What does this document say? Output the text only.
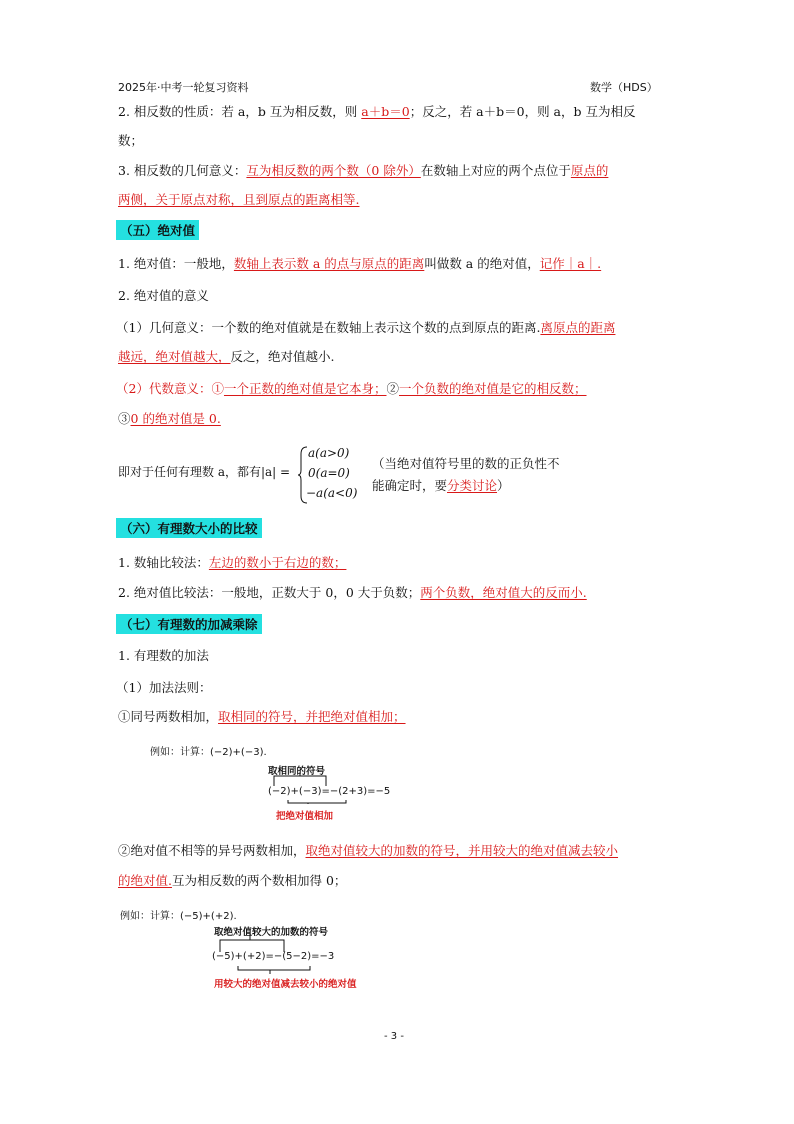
2025年·中考一轮复习资料	数学（HDS）
2. 相反数的性质：若 a，b 互为相反数，则 a＋b＝0；反之，若 a＋b＝0，则 a，b 互为相反
数；
3. 相反数的几何意义：互为相反数的两个数（0 除外）在数轴上对应的两个点位于原点的
两侧，关于原点对称，且到原点的距离相等.
（五）绝对值
1. 绝对值：一般地，数轴上表示数 a 的点与原点的距离叫做数 a 的绝对值，记作｜a｜.
2. 绝对值的意义
（1）几何意义：一个数的绝对值就是在数轴上表示这个数的点到原点的距离.离原点的距离
越远，绝对值越大，反之，绝对值越小.
（2）代数意义：①一个正数的绝对值是它本身；②一个负数的绝对值是它的相反数；
③0 的绝对值是 0.
即对于任何有理数 a，都有|a| =
a(a>0)
0(a=0)
−a(a<0)
（当绝对值符号里的数的正负性不
能确定时，要分类讨论）
（六）有理数大小的比较
1. 数轴比较法：左边的数小于右边的数；
2. 绝对值比较法：一般地，正数大于 0，0 大于负数；两个负数，绝对值大的反而小.
（七）有理数的加减乘除
1. 有理数的加法
（1）加法法则：
①同号两数相加，取相同的符号，并把绝对值相加；
例如：计算：(−2)+(−3).
取相同的符号
(−2)+(−3)=−(2+3)=−5
把绝对值相加
②绝对值不相等的异号两数相加，取绝对值较大的加数的符号，并用较大的绝对值减去较小
的绝对值.互为相反数的两个数相加得 0；
例如：计算：(−5)+(+2).
取绝对值较大的加数的符号
(−5)+(+2)=−(5−2)=−3
用较大的绝对值减去较小的绝对值
- 3 -
